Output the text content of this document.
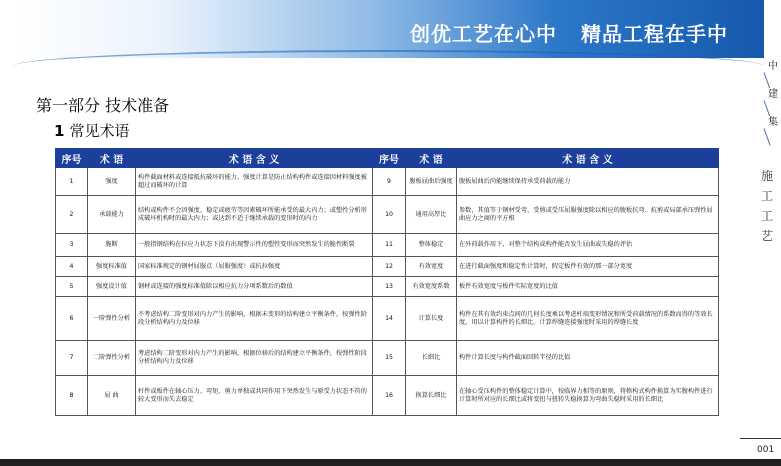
创优工艺在心中 精品工程在手中
中
建
集
第一部分 技术准备
1 常见术语
序号	术 语	术 语 含 义	序号	术 语	术 语 含 义
1	强度	构件截面材料或连接抵抗破坏的能力。强度计算是防止结构构件或连接因材料强度被超过而破坏的计算	9	腹板屈曲后强度	腹板屈曲后尚能继续保持承受荷载的能力
2	承载能力	结构或构件不会因强度、稳定或疲劳等因素破坏所能承受的最大内力；或塑性分析形成破坏机构时的最大内力；或达到不适于继续承载的变形时的内力	10	通用高厚比	参数，其值等于钢材受弯、受剪或受压屈服强度除以相应的腹板抗弯、抗剪或局部承压弹性屈曲应力之商的平方根
3	脆断	一般指钢结构在拉应力状态下没有出现警示性的塑性变形而突然发生的脆性断裂	11	整体稳定	在外荷载作用下，对整个结构或构件能否发生屈曲或失稳的评估
4	强度标准值	国家标准规定的钢材屈服点（屈服强度）或抗拉强度	12	有效宽度	在进行截面强度和稳定性计算时，假定板件有效的那一部分宽度
5	强度设计值	钢材或连接的强度标准值除以相应抗力分项系数后的数值	13	有效宽度系数	板件有效宽度与板件实际宽度的比值
6	一阶弹性分析	不考虑结构二阶变形对内力产生的影响，根据未变形的结构建立平衡条件，按弹性阶段分析结构内力及位移	14	计算长度	构件在其有效约束点间的几何长度乘以考虑杆端变形情况和所受荷载情况的系数而得的等效长度，用以计算构件的长细比。计算焊缝连接强度时采用的焊缝长度
7	二阶弹性分析	考虑结构二阶变形对内力产生的影响，根据位移后的结构建立平衡条件，按弹性阶段分析结构内力及位移	15	长细比	构件计算长度与构件截面回转半径的比值
8	屈 曲	杆件或板件在轴心压力、弯矩、剪力单独或共同作用下突然发生与原受力状态不符的较大变形而失去稳定	16	换算长细比	在轴心受压构件的整体稳定计算中，按临界力相等的原则，将格构式构件换算为实腹构件进行计算时所对应的长细比或将变扭与扭转失稳换算为弯曲失稳时采用的长细比
施
工
工
艺
001
